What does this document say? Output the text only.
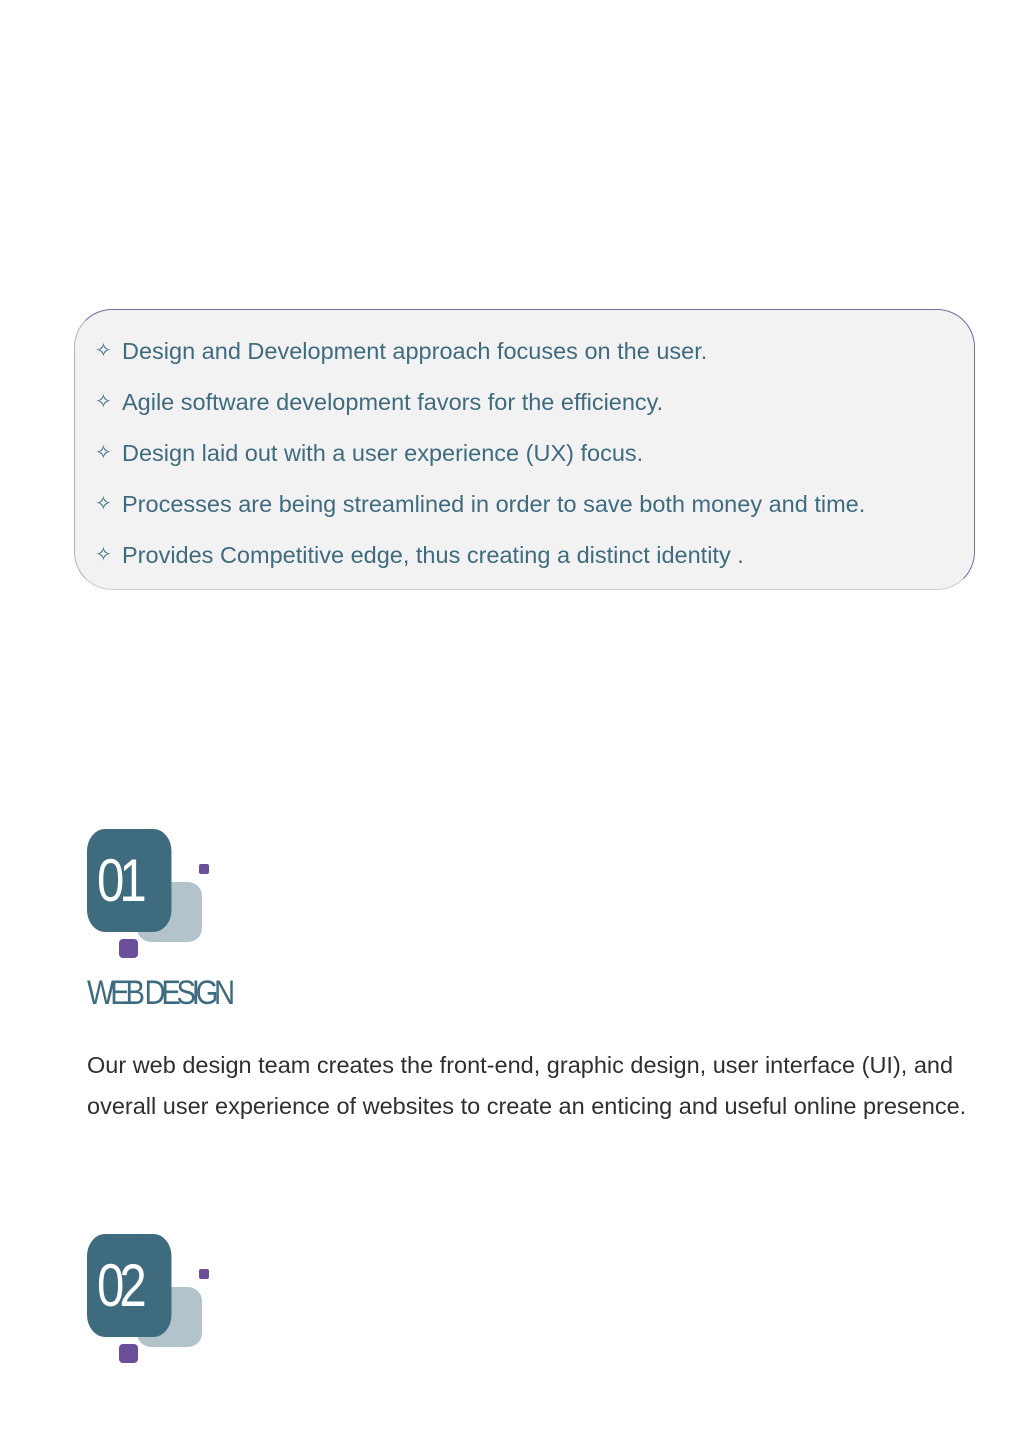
✧ Design and Development approach focuses on the user.
✧ Agile software development favors for the efficiency.
✧ Design laid out with a user experience (UX) focus.
✧ Processes are being streamlined in order to save both money and time.
✧ Provides Competitive edge, thus creating a distinct identity .
01
WEB DESIGN

Our web design team creates the front-end, graphic design, user interface (UI), and overall user experience of websites to create an enticing and useful online presence.

02
